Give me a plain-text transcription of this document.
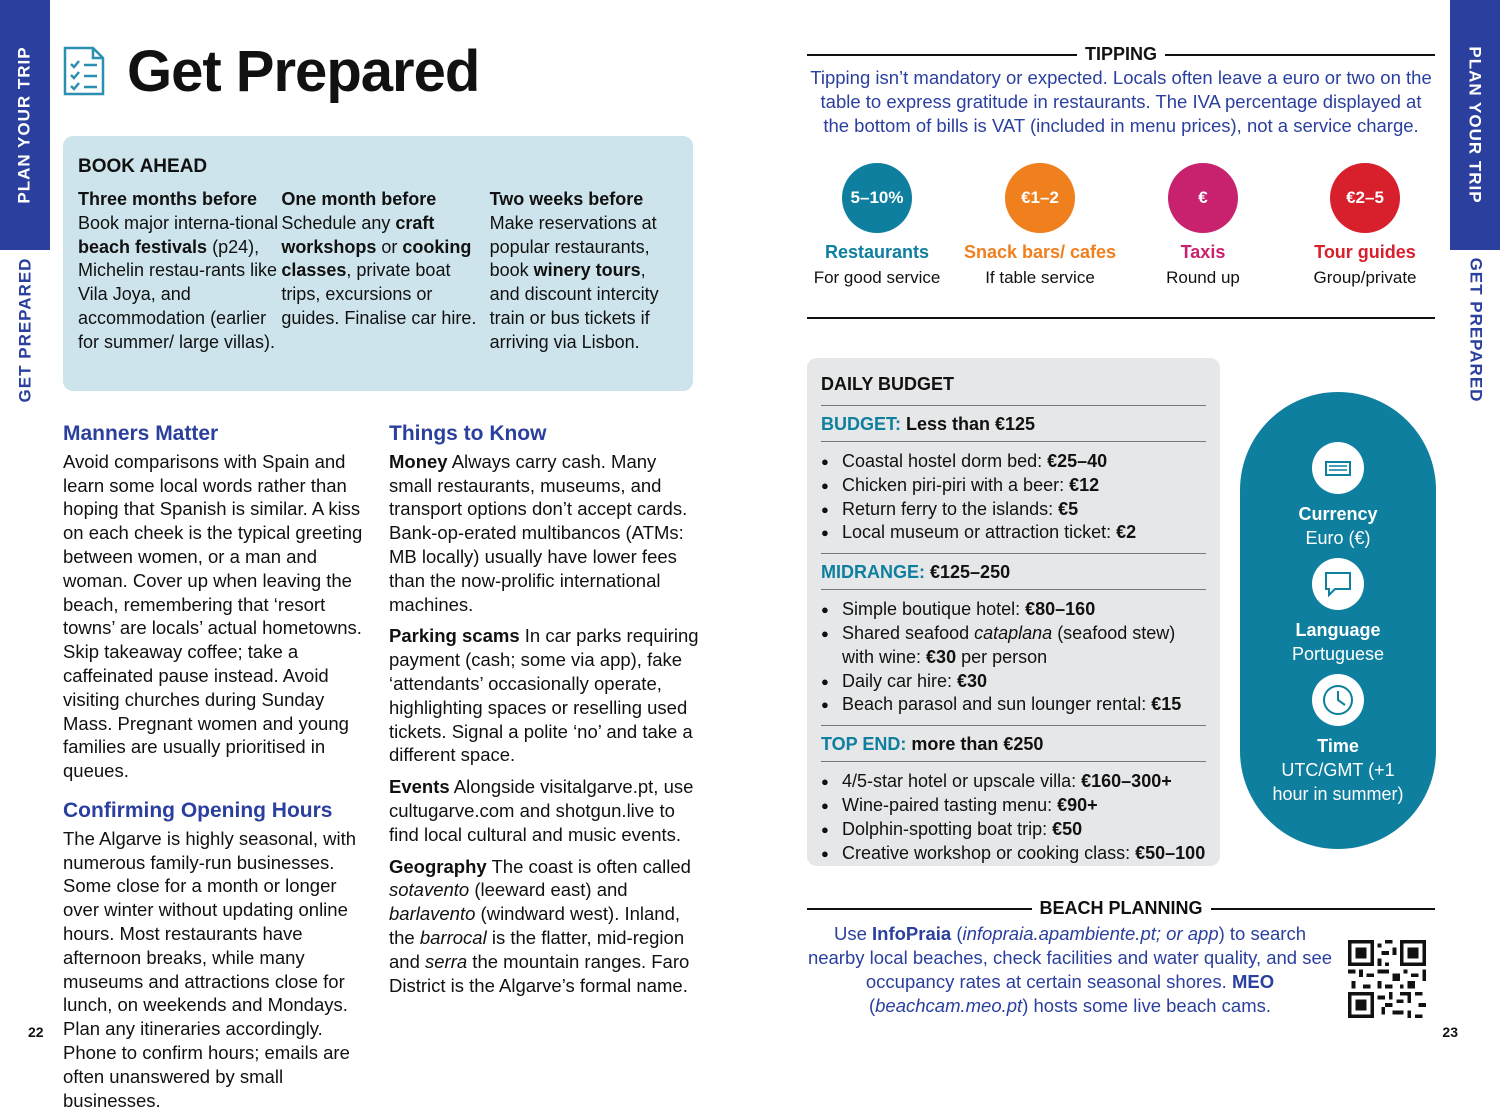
PLAN YOUR TRIP
GET PREPARED
PLAN YOUR TRIP
GET PREPARED
22	23
Get Prepared
BOOK AHEAD
Three months before
Book major interna-tional beach festivals (p24), Michelin restau-rants like Vila Joya, and accommodation (earlier for summer/ large villas).
One month before
Schedule any craft workshops or cooking classes, private boat trips, excursions or guides. Finalise car hire.
Two weeks before
Make reservations at popular restaurants, book winery tours, and discount intercity train or bus tickets if arriving via Lisbon.
Manners Matter

Avoid comparisons with Spain and learn some local words rather than hoping that Spanish is similar. A kiss on each cheek is the typical greeting between women, or a man and woman. Cover up when leaving the beach, remembering that ‘resort towns’ are locals’ actual hometowns. Skip takeaway coffee; take a caffeinated pause instead. Avoid visiting churches during Sunday Mass. Pregnant women and young families are usually prioritised in queues.

Confirming Opening Hours

The Algarve is highly seasonal, with numerous family-run businesses. Some close for a month or longer over winter without updating online hours. Most restaurants have afternoon breaks, while many museums and attractions close for lunch, on weekends and Mondays. Plan any itineraries accordingly. Phone to confirm hours; emails are often unanswered by small businesses.

Things to Know

Money Always carry cash. Many small restaurants, museums, and transport options don’t accept cards. Bank-op-erated multibancos (ATMs: MB locally) usually have lower fees than the now-prolific international machines.

Parking scams In car parks requiring payment (cash; some via app), fake ‘attendants’ occasionally operate, highlighting spaces or reselling used tickets. Signal a polite ‘no’ and take a different space.

Events Alongside visitalgarve.pt, use cultugarve.com and shotgun.live to find local cultural and music events.

Geography The coast is often called sotavento (leeward east) and barlavento (windward west). Inland, the barrocal is the flatter, mid-region and serra the mountain ranges. Faro District is the Algarve’s formal name.

TIPPING
Tipping isn’t mandatory or expected. Locals often leave a euro or two on the table to express gratitude in restaurants. The IVA percentage displayed at the bottom of bills is VAT (included in menu prices), not a service charge.
5–10%
Restaurants
For good service
€1–2
Snack bars/ cafes
If table service
€
Taxis
Round up
€2–5
Tour guides
Group/private
DAILY BUDGET
BUDGET: Less than €125
● Coastal hostel dorm bed: €25–40
● Chicken piri-piri with a beer: €12
● Return ferry to the islands: €5
● Local museum or attraction ticket: €2
MIDRANGE: €125–250
● Simple boutique hotel: €80–160
● Shared seafood cataplana (seafood stew) with wine: €30 per person
● Daily car hire: €30
● Beach parasol and sun lounger rental: €15
TOP END: more than €250
● 4/5-star hotel or upscale villa: €160–300+
● Wine-paired tasting menu: €90+
● Dolphin-spotting boat trip: €50
● Creative workshop or cooking class: €50–100
Currency
Euro (€)
Language
Portuguese
Time
UTC/GMT (+1 hour in summer)
BEACH PLANNING
Use InfoPraia (infopraia.apambiente.pt; or app) to search nearby local beaches, check facilities and water quality, and see occupancy rates at certain seasonal shores. MEO (beachcam.meo.pt) hosts some live beach cams.
